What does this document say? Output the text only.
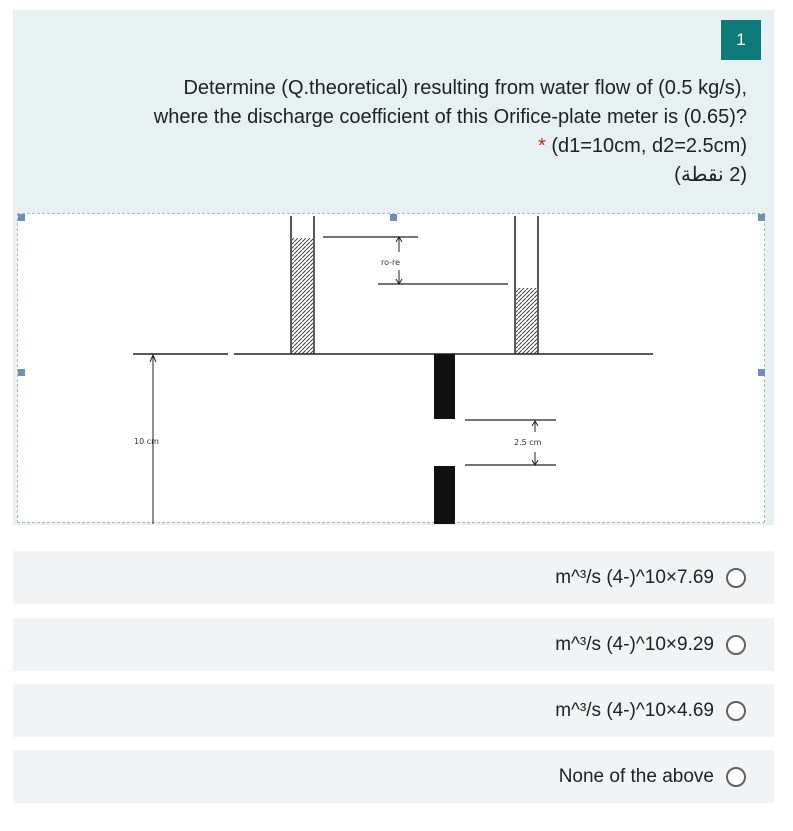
1
Determine (Q.theoretical) resulting from water flow of (0.5 kg/s),
where the discharge coefficient of this Orifice-plate meter is (0.65)?
* (d1=10cm, d2=2.5cm)
(2 نقطة)
ro-re
10 cm	2.5 cm
m^³/s (4-)^10×7.69
m^³/s (4-)^10×9.29
m^³/s (4-)^10×4.69
None of the above
